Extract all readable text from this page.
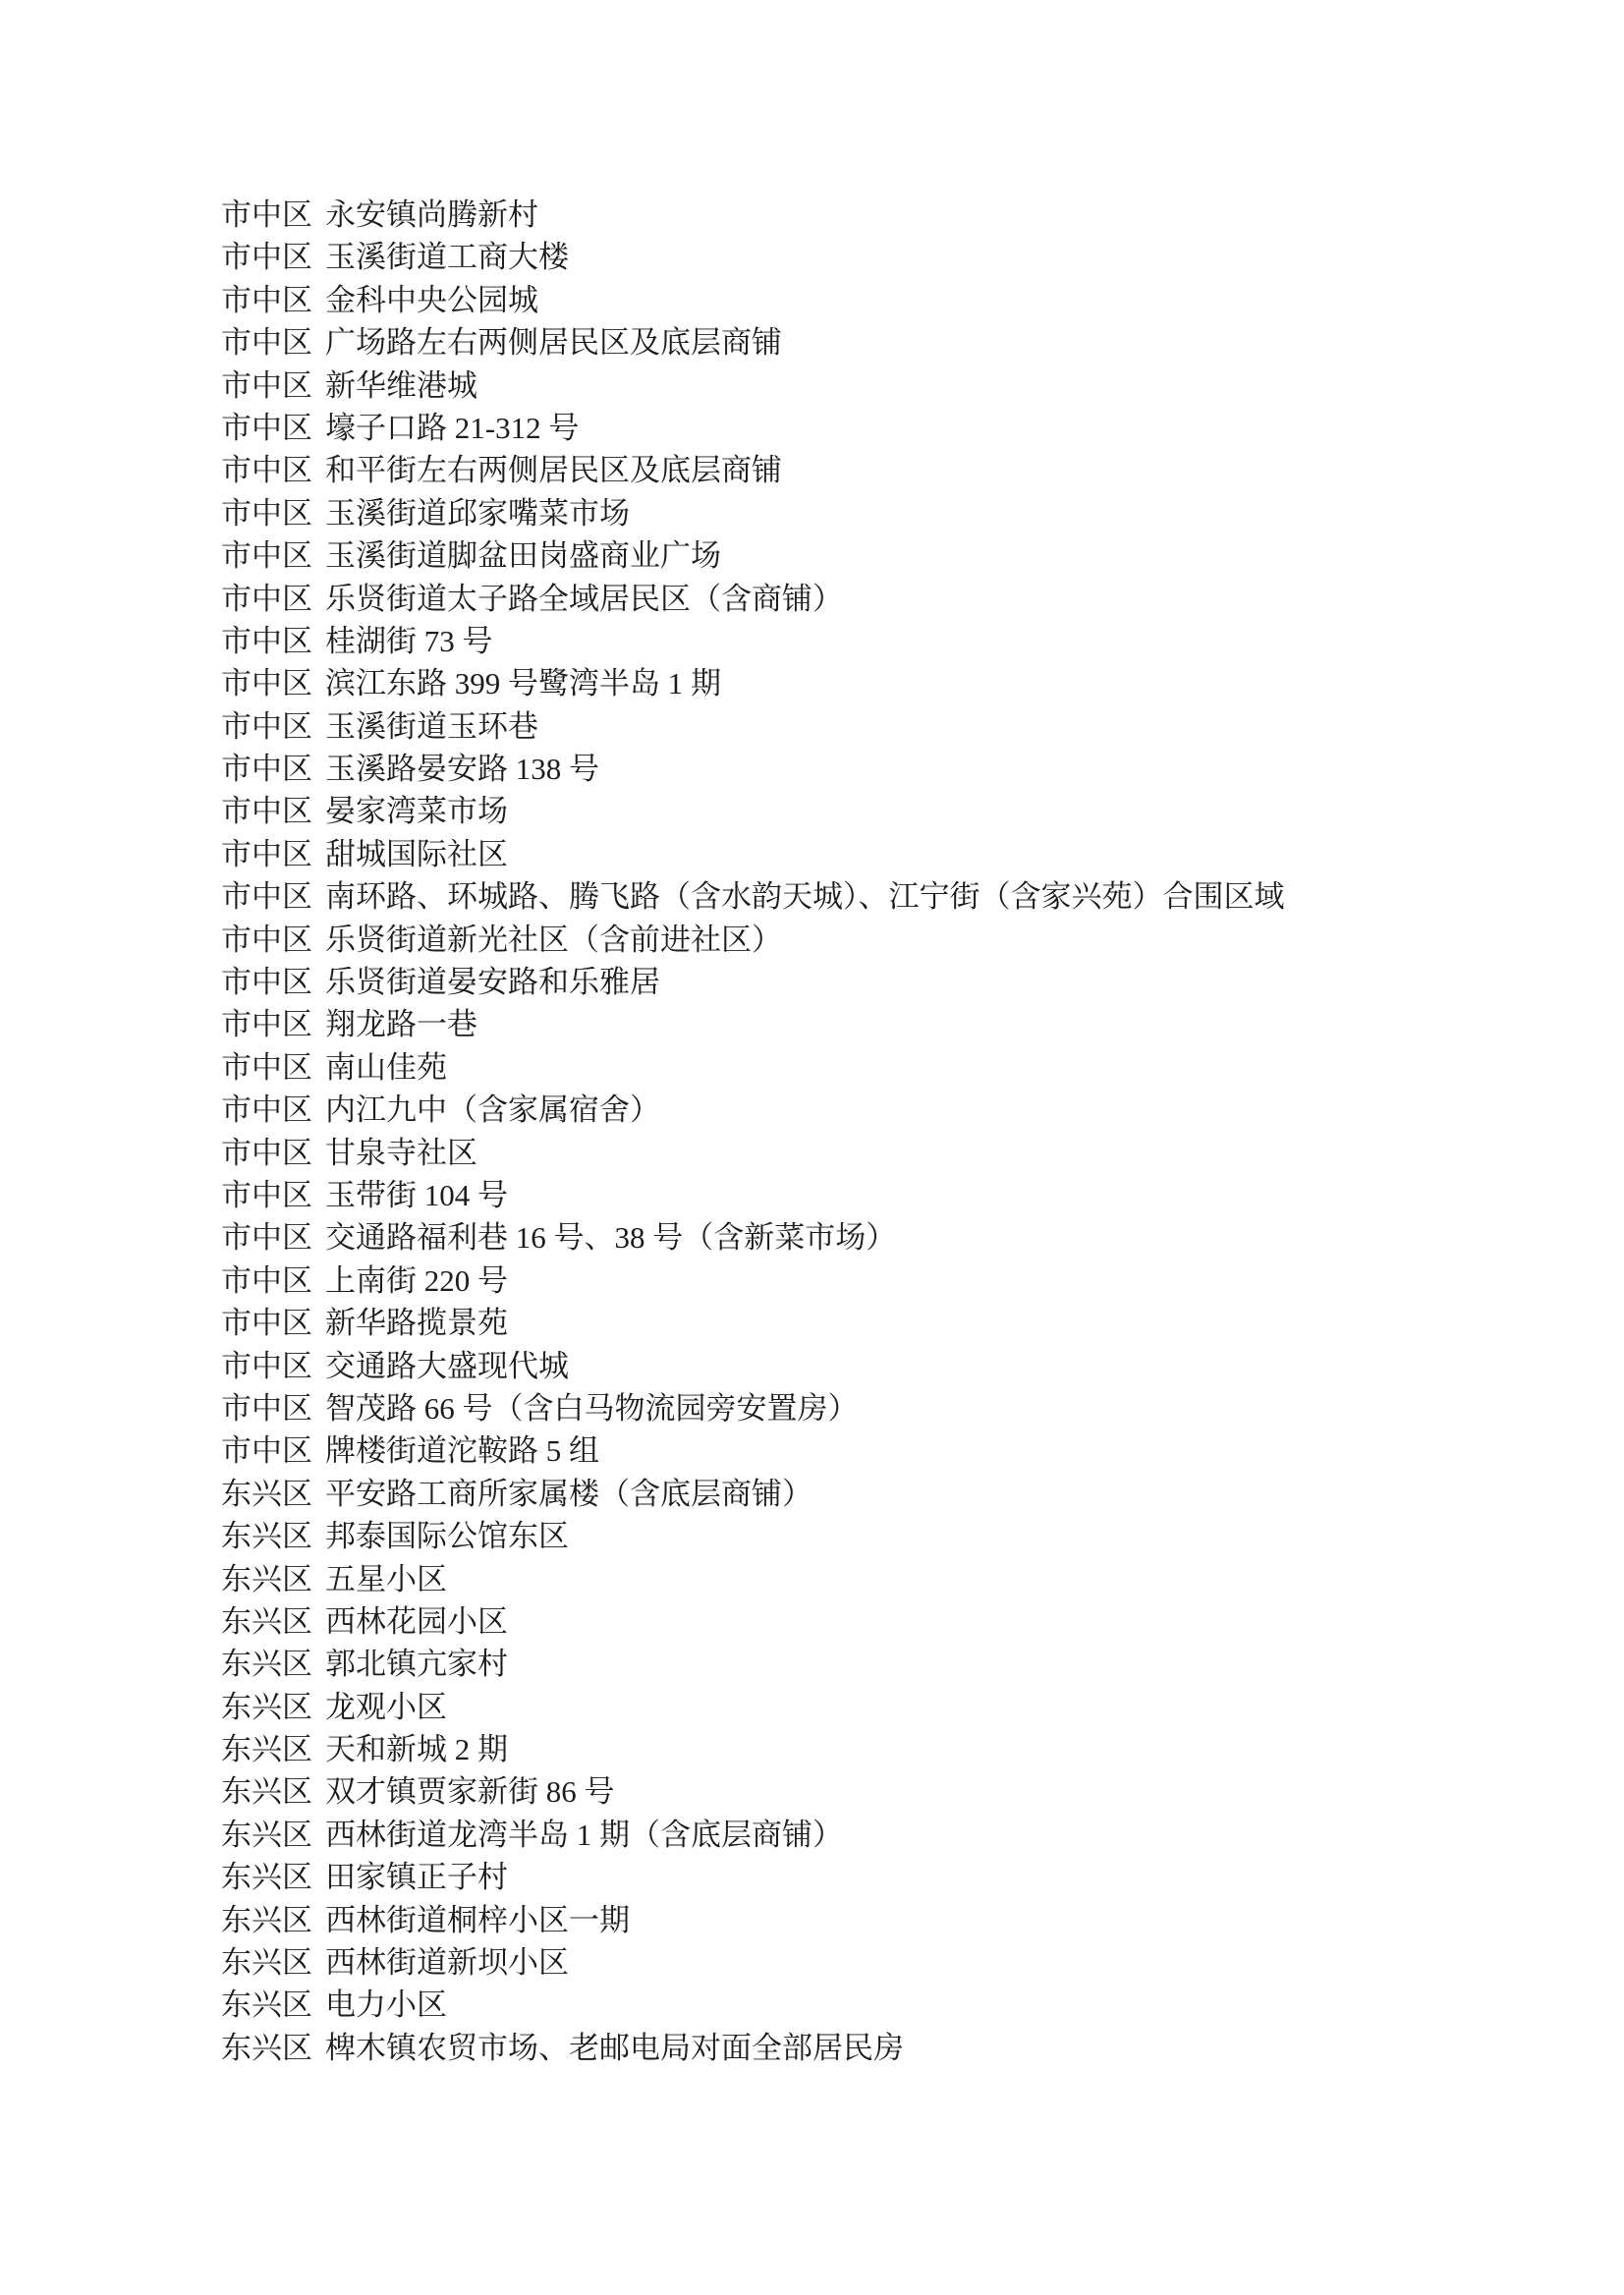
市中区 永安镇尚腾新村
市中区 玉溪街道工商大楼
市中区 金科中央公园城
市中区 广场路左右两侧居民区及底层商铺
市中区 新华维港城
市中区 壕子口路 21-312 号
市中区 和平街左右两侧居民区及底层商铺
市中区 玉溪街道邱家嘴菜市场
市中区 玉溪街道脚盆田岗盛商业广场
市中区 乐贤街道太子路全域居民区（含商铺）
市中区 桂湖街 73 号
市中区 滨江东路 399 号鹭湾半岛 1 期
市中区 玉溪街道玉环巷
市中区 玉溪路晏安路 138 号
市中区 晏家湾菜市场
市中区 甜城国际社区
市中区 南环路、环城路、腾飞路（含水韵天城）、江宁街（含家兴苑）合围区域
市中区 乐贤街道新光社区（含前进社区）
市中区 乐贤街道晏安路和乐雅居
市中区 翔龙路一巷
市中区 南山佳苑
市中区 内江九中（含家属宿舍）
市中区 甘泉寺社区
市中区 玉带街 104 号
市中区 交通路福利巷 16 号、38 号（含新菜市场）
市中区 上南街 220 号
市中区 新华路揽景苑
市中区 交通路大盛现代城
市中区 智茂路 66 号（含白马物流园旁安置房）
市中区 牌楼街道沱鞍路 5 组
东兴区 平安路工商所家属楼（含底层商铺）
东兴区 邦泰国际公馆东区
东兴区 五星小区
东兴区 西林花园小区
东兴区 郭北镇亢家村
东兴区 龙观小区
东兴区 天和新城 2 期
东兴区 双才镇贾家新街 86 号
东兴区 西林街道龙湾半岛 1 期（含底层商铺）
东兴区 田家镇正子村
东兴区 西林街道桐梓小区一期
东兴区 西林街道新坝小区
东兴区 电力小区
东兴区 椑木镇农贸市场、老邮电局对面全部居民房
